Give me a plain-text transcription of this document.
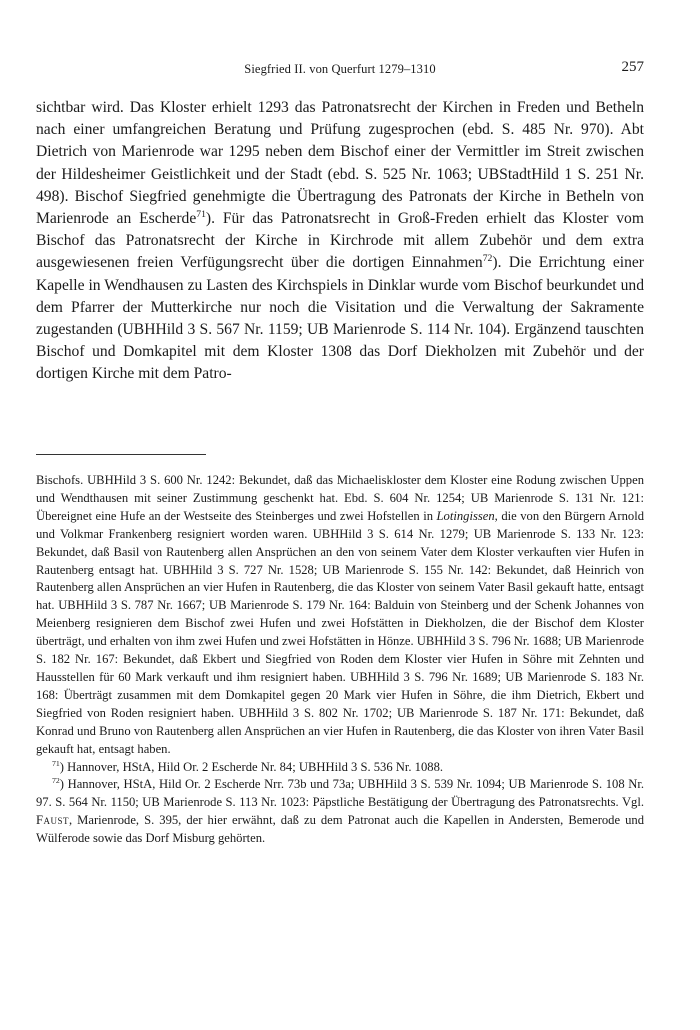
Siegfried II. von Querfurt 1279–1310	257

sichtbar wird. Das Kloster erhielt 1293 das Patronatsrecht der Kirchen in Freden und Betheln nach einer umfangreichen Beratung und Prüfung zugesprochen (ebd. S. 485 Nr. 970). Abt Dietrich von Marienrode war 1295 neben dem Bischof einer der Vermittler im Streit zwischen der Hildesheimer Geistlichkeit und der Stadt (ebd. S. 525 Nr. 1063; UBStadtHild 1 S. 251 Nr. 498). Bischof Siegfried genehmigte die Übertragung des Patronats der Kirche in Betheln von Marienrode an Escherde$^{71}$). Für das Patronatsrecht in Groß-Freden erhielt das Kloster vom Bischof das Patronatsrecht der Kirche in Kirchrode mit allem Zubehör und dem extra ausgewiesenen freien Verfügungsrecht über die dortigen Einnahmen$^{72}$). Die Errichtung einer Kapelle in Wendhausen zu Lasten des Kirchspiels in Dinklar wurde vom Bischof beurkundet und dem Pfarrer der Mutterkirche nur noch die Visitation und die Verwaltung der Sakramente zugestanden (UBHHild 3 S. 567 Nr. 1159; UB Marienrode S. 114 Nr. 104). Ergänzend tauschten Bischof und Domkapitel mit dem Kloster 1308 das Dorf Diekholzen mit Zubehör und der dortigen Kirche mit dem Patro-

Bischofs. UBHHild 3 S. 600 Nr. 1242: Bekundet, daß das Michaeliskloster dem Kloster eine Rodung zwischen Uppen und Wendthausen mit seiner Zustimmung geschenkt hat. Ebd. S. 604 Nr. 1254; UB Marienrode S. 131 Nr. 121: Übereignet eine Hufe an der Westseite des Steinberges und zwei Hofstellen in Lotingissen, die von den Bürgern Arnold und Volkmar Frankenberg resigniert worden waren. UBHHild 3 S. 614 Nr. 1279; UB Marienrode S. 133 Nr. 123: Bekundet, daß Basil von Rautenberg allen Ansprüchen an den von seinem Vater dem Kloster verkauften vier Hufen in Rautenberg entsagt hat. UBHHild 3 S. 727 Nr. 1528; UB Marienrode S. 155 Nr. 142: Bekundet, daß Heinrich von Rautenberg allen Ansprüchen an vier Hufen in Rautenberg, die das Kloster von seinem Vater Basil gekauft hatte, entsagt hat. UBHHild 3 S. 787 Nr. 1667; UB Marienrode S. 179 Nr. 164: Balduin von Steinberg und der Schenk Johannes von Meienberg resignieren dem Bischof zwei Hufen und zwei Hofstätten in Diekholzen, die der Bischof dem Kloster überträgt, und erhalten von ihm zwei Hufen und zwei Hofstätten in Hönze. UBHHild 3 S. 796 Nr. 1688; UB Marienrode S. 182 Nr. 167: Bekundet, daß Ekbert und Siegfried von Roden dem Kloster vier Hufen in Söhre mit Zehnten und Hausstellen für 60 Mark verkauft und ihm resigniert haben. UBHHild 3 S. 796 Nr. 1689; UB Marienrode S. 183 Nr. 168: Überträgt zusammen mit dem Domkapitel gegen 20 Mark vier Hufen in Söhre, die ihm Dietrich, Ekbert und Siegfried von Roden resigniert haben. UBHHild 3 S. 802 Nr. 1702; UB Marienrode S. 187 Nr. 171: Bekundet, daß Konrad und Bruno von Rautenberg allen Ansprüchen an vier Hufen in Rautenberg, die das Kloster von ihren Vater Basil gekauft hat, entsagt haben.

$^{71}$) Hannover, HStA, Hild Or. 2 Escherde Nr. 84; UBHHild 3 S. 536 Nr. 1088.

$^{72}$) Hannover, HStA, Hild Or. 2 Escherde Nrr. 73b und 73a; UBHHild 3 S. 539 Nr. 1094; UB Marienrode S. 108 Nr. 97. S. 564 Nr. 1150; UB Marienrode S. 113 Nr. 1023: Päpstliche Bestätigung der Übertragung des Patronatsrechts. Vgl. Faust, Marienrode, S. 395, der hier erwähnt, daß zu dem Patronat auch die Kapellen in Andersten, Bemerode und Wülferode sowie das Dorf Misburg gehörten.
